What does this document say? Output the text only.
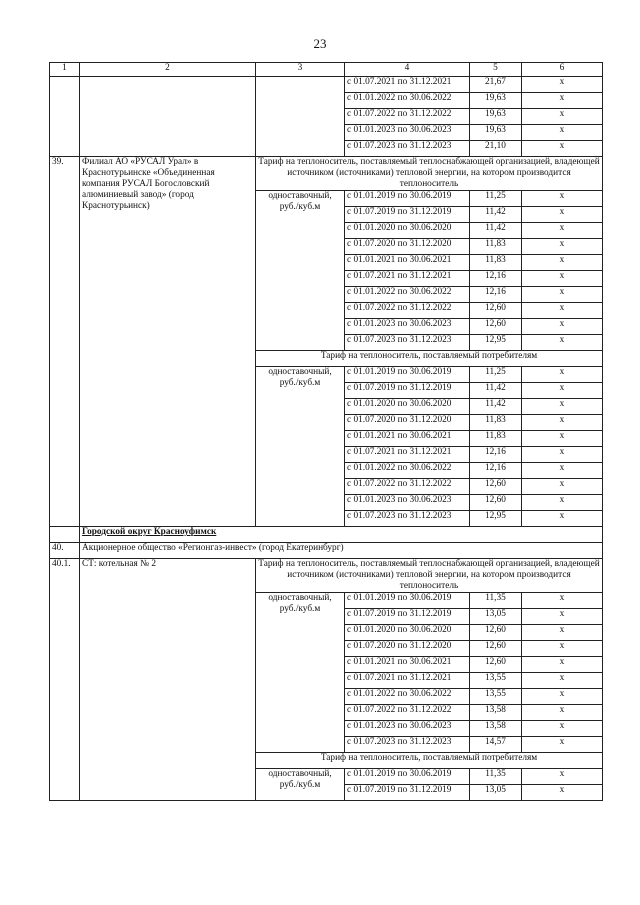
23
1	2	3	4	5	6
			с 01.07.2021 по 31.12.2021	21,67	x
			с 01.01.2022 по 30.06.2022	19,63	x
			с 01.07.2022 по 31.12.2022	19,63	x
			с 01.01.2023 по 30.06.2023	19,63	x
			с 01.07.2023 по 31.12.2023	21,10	x
39.	Филиал АО «РУСАЛ Урал» в Краснотурьинске «Объединенная компания РУСАЛ Богословский алюминиевый завод» (город Краснотурьинск)	Тариф на теплоноситель, поставляемый теплоснабжающей организацией, владеющей источником (источниками) тепловой энергии, на котором производится теплоноситель			
		одноставочный, руб./куб.м	с 01.01.2019 по 30.06.2019	11,25	x
			с 01.07.2019 по 31.12.2019	11,42	x
			с 01.01.2020 по 30.06.2020	11,42	x
			с 01.07.2020 по 31.12.2020	11,83	x
			с 01.01.2021 по 30.06.2021	11,83	x
			с 01.07.2021 по 31.12.2021	12,16	x
			с 01.01.2022 по 30.06.2022	12,16	x
			с 01.07.2022 по 31.12.2022	12,60	x
			с 01.01.2023 по 30.06.2023	12,60	x
			с 01.07.2023 по 31.12.2023	12,95	x
		Тариф на теплоноситель, поставляемый потребителям			
		одноставочный, руб./куб.м	с 01.01.2019 по 30.06.2019	11,25	x
			с 01.07.2019 по 31.12.2019	11,42	x
			с 01.01.2020 по 30.06.2020	11,42	x
			с 01.07.2020 по 31.12.2020	11,83	x
			с 01.01.2021 по 30.06.2021	11,83	x
			с 01.07.2021 по 31.12.2021	12,16	x
			с 01.01.2022 по 30.06.2022	12,16	x
			с 01.07.2022 по 31.12.2022	12,60	x
			с 01.01.2023 по 30.06.2023	12,60	x
			с 01.07.2023 по 31.12.2023	12,95	x
	Городской округ Красноуфимск				
40.	Акционерное общество «Регионгаз-инвест» (город Екатеринбург)				
40.1.	СТ: котельная № 2	Тариф на теплоноситель, поставляемый теплоснабжающей организацией, владеющей источником (источниками) тепловой энергии, на котором производится теплоноситель			
		одноставочный, руб./куб.м	с 01.01.2019 по 30.06.2019	11,35	x
			с 01.07.2019 по 31.12.2019	13,05	x
			с 01.01.2020 по 30.06.2020	12,60	x
			с 01.07.2020 по 31.12.2020	12,60	x
			с 01.01.2021 по 30.06.2021	12,60	x
			с 01.07.2021 по 31.12.2021	13,55	x
			с 01.01.2022 по 30.06.2022	13,55	x
			с 01.07.2022 по 31.12.2022	13,58	x
			с 01.01.2023 по 30.06.2023	13,58	x
			с 01.07.2023 по 31.12.2023	14,57	x
		Тариф на теплоноситель, поставляемый потребителям			
		одноставочный, руб./куб.м	с 01.01.2019 по 30.06.2019	11,35	x
			с 01.07.2019 по 31.12.2019	13,05	x
